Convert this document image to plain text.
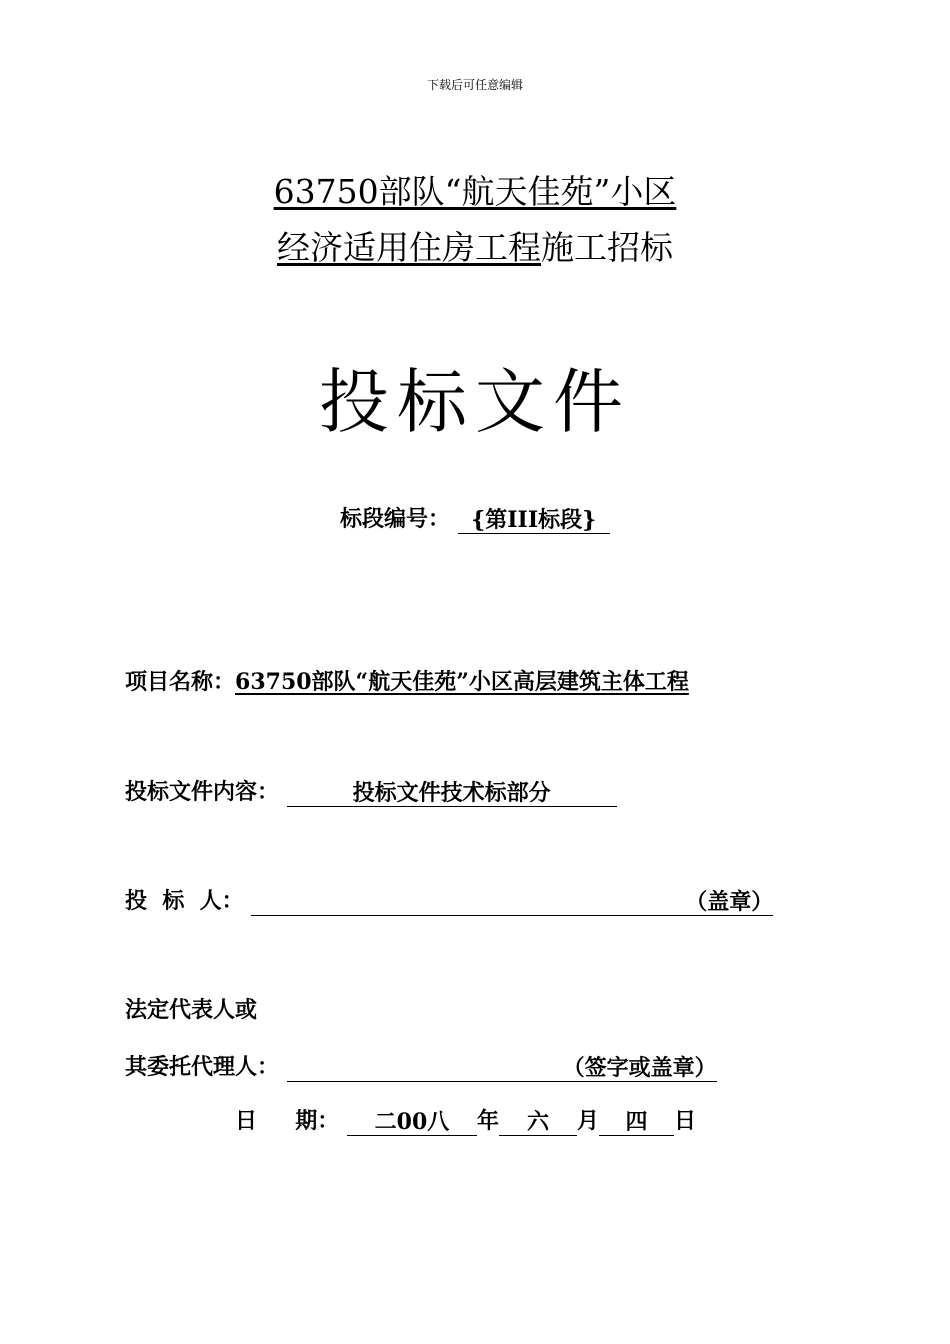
下载后可任意编辑
63750部队“航天佳苑”小区
经济适用住房工程施工招标
投标文件
标段编号： {第III标段}
项目名称：63750部队“航天佳苑”小区高层建筑主体工程
投标文件内容：	投标文件技术标部分
投  标  人：	（盖章）
法定代表人或
其委托代理人：	（签字或盖章）
日     期： 二00八 年 六 月 四 日
